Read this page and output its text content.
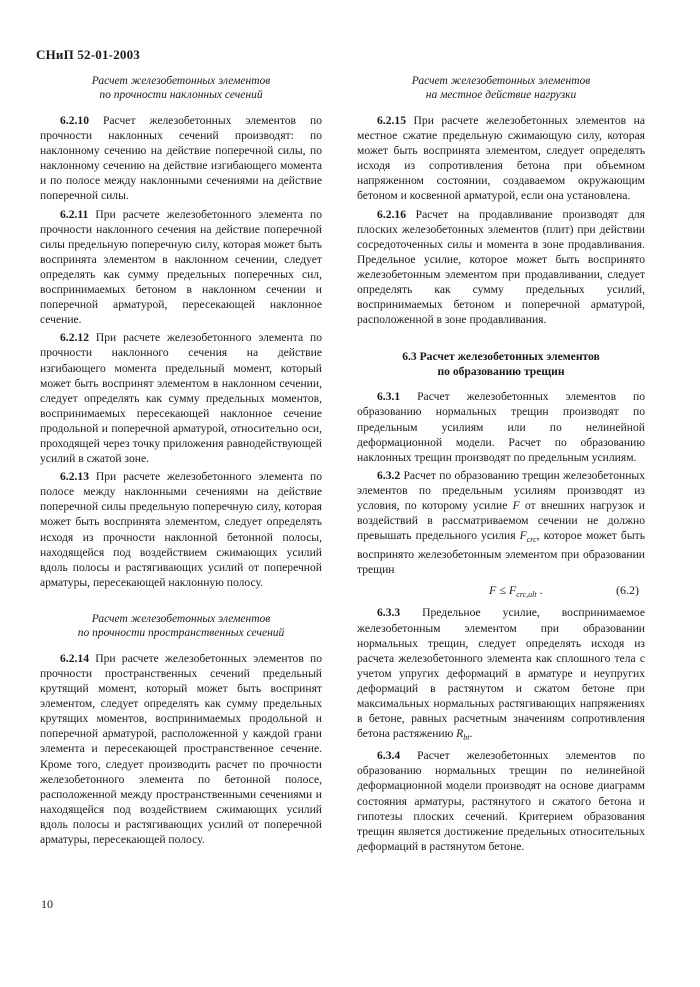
СНиП 52-01-2003
Расчет железобетонных элементов
по прочности наклонных сечений

6.2.10 Расчет железобетонных элементов по прочности наклонных сечений производят: по наклонному сечению на действие поперечной силы, по наклонному сечению на действие изгибающего момента и по полосе между наклонными сечениями на действие поперечной силы.

6.2.11 При расчете железобетонного элемента по прочности наклонного сечения на действие поперечной силы предельную поперечную силу, которая может быть воспринята элементом в наклонном сечении, следует определять как сумму предельных поперечных сил, воспринимаемых бетоном в наклонном сечении и поперечной арматурой, пересекающей наклонное сечение.

6.2.12 При расчете железобетонного элемента по прочности наклонного сечения на действие изгибающего момента предельный момент, который может быть воспринят элементом в наклонном сечении, следует определять как сумму предельных моментов, воспринимаемых пересекающей наклонное сечение продольной и поперечной арматурой, относительно оси, проходящей через точку приложения равнодействующей усилий в сжатой зоне.

6.2.13 При расчете железобетонного элемента по полосе между наклонными сечениями на действие поперечной силы предельную поперечную силу, которая может быть воспринята элементом, следует определять исходя из прочности наклонной бетонной полосы, находящейся под воздействием сжимающих усилий вдоль полосы и растягивающих усилий от поперечной арматуры, пересекающей наклонную полосу.

Расчет железобетонных элементов
по прочности пространственных сечений

6.2.14 При расчете железобетонных элементов по прочности пространственных сечений предельный крутящий момент, который может быть воспринят элементом, следует определять как сумму предельных крутящих моментов, воспринимаемых продольной и поперечной арматурой, расположенной у каждой грани элемента и пересекающей пространственное сечение. Кроме того, следует производить расчет по прочности железобетонного элемента по бетонной полосе, расположенной между пространственными сечениями и находящейся под воздействием сжимающих усилий вдоль полосы и растягивающих усилий от поперечной арматуры, пересекающей полосу.

Расчет железобетонных элементов
на местное действие нагрузки

6.2.15 При расчете железобетонных элементов на местное сжатие предельную сжимающую силу, которая может быть воспринята элементом, следует определять исходя из сопротивления бетона при объемном напряженном состоянии, создаваемом окружающим бетоном и косвенной арматурой, если она установлена.

6.2.16 Расчет на продавливание производят для плоских железобетонных элементов (плит) при действии сосредоточенных силы и момента в зоне продавливания. Предельное усилие, которое может быть воспринято железобетонным элементом при продавливании, следует определять как сумму предельных усилий, воспринимаемых бетоном и поперечной арматурой, расположенной в зоне продавливания.

6.3 Расчет железобетонных элементов
по образованию трещин

6.3.1 Расчет железобетонных элементов по образованию нормальных трещин производят по предельным усилиям или по нелинейной деформационной модели. Расчет по образованию наклонных трещин производят по предельным усилиям.

6.3.2 Расчет по образованию трещин железобетонных элементов по предельным усилиям производят из условия, по которому усилие F от внешних нагрузок и воздействий в рассматриваемом сечении не должно превышать предельного усилия $F_{crc}$, которое может быть воспринято железобетонным элементом при образовании трещин

$F \le F_{crc,ult}$ .	(6.2)

6.3.3 Предельное усилие, воспринимаемое железобетонным элементом при образовании нормальных трещин, следует определять исходя из расчета железобетонного элемента как сплошного тела с учетом упругих деформаций в арматуре и неупругих деформаций в растянутом и сжатом бетоне при максимальных нормальных растягивающих напряжениях в бетоне, равных расчетным значениям сопротивления бетона растяжению $R_{bt}$.

6.3.4 Расчет железобетонных элементов по образованию нормальных трещин по нелинейной деформационной модели производят на основе диаграмм состояния арматуры, растянутого и сжатого бетона и гипотезы плоских сечений. Критерием образования трещин является достижение предельных относительных деформаций в растянутом бетоне.

10
